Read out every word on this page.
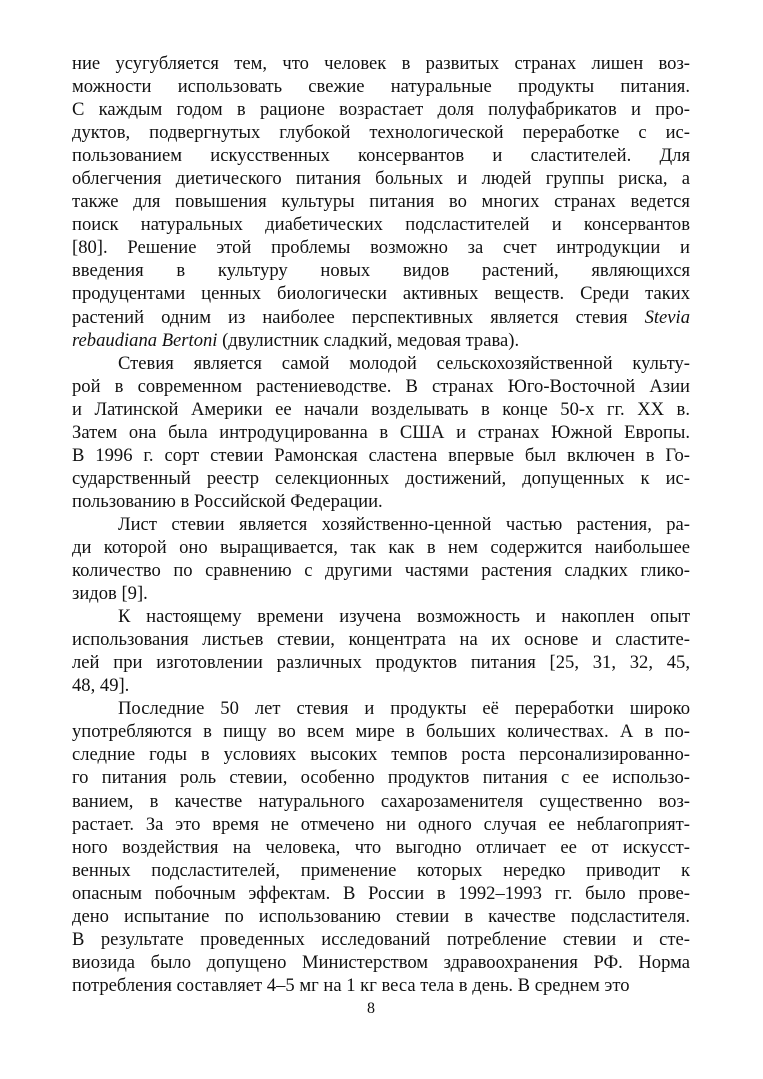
ние усугубляется тем, что человек в развитых странах лишен воз-
можности использовать свежие натуральные продукты питания.
С каждым годом в рационе возрастает доля полуфабрикатов и про-
дуктов, подвергнутых глубокой технологической переработке с ис-
пользованием искусственных консервантов и сластителей. Для
облегчения диетического питания больных и людей группы риска, а
также для повышения культуры питания во многих странах ведется
поиск натуральных диабетических подсластителей и консервантов
[80]. Решение этой проблемы возможно за счет интродукции и
введения в культуру новых видов растений, являющихся
продуцентами ценных биологически активных веществ. Среди таких
растений одним из наиболее перспективных является стевия Stevia
rebaudiana Bertoni (двулистник сладкий, медовая трава).
Стевия является самой молодой сельскохозяйственной культу-
рой в современном растениеводстве. В странах Юго-Восточной Азии
и Латинской Америки ее начали возделывать в конце 50-х гг. XX в.
Затем она была интродуцированна в США и странах Южной Европы.
В 1996 г. сорт стевии Рамонская сластена впервые был включен в Го-
сударственный реестр селекционных достижений, допущенных к ис-
пользованию в Российской Федерации.
Лист стевии является хозяйственно-ценной частью растения, ра-
ди которой оно выращивается, так как в нем содержится наибольшее
количество по сравнению с другими частями растения сладких глико-
зидов [9].
К настоящему времени изучена возможность и накоплен опыт
использования листьев стевии, концентрата на их основе и сластите-
лей при изготовлении различных продуктов питания [25, 31, 32, 45,
48, 49].
Последние 50 лет стевия и продукты её переработки широко
употребляются в пищу во всем мире в больших количествах. А в по-
следние годы в условиях высоких темпов роста персонализированно-
го питания роль стевии, особенно продуктов питания с ее использо-
ванием, в качестве натурального сахарозаменителя существенно воз-
растает. За это время не отмечено ни одного случая ее неблагоприят-
ного воздействия на человека, что выгодно отличает ее от искусст-
венных подсластителей, применение которых нередко приводит к
опасным побочным эффектам. В России в 1992–1993 гг. было прове-
дено испытание по использованию стевии в качестве подсластителя.
В результате проведенных исследований потребление стевии и сте-
виозида было допущено Министерством здравоохранения РФ. Норма
потребления составляет 4–5 мг на 1 кг веса тела в день. В среднем это
8
